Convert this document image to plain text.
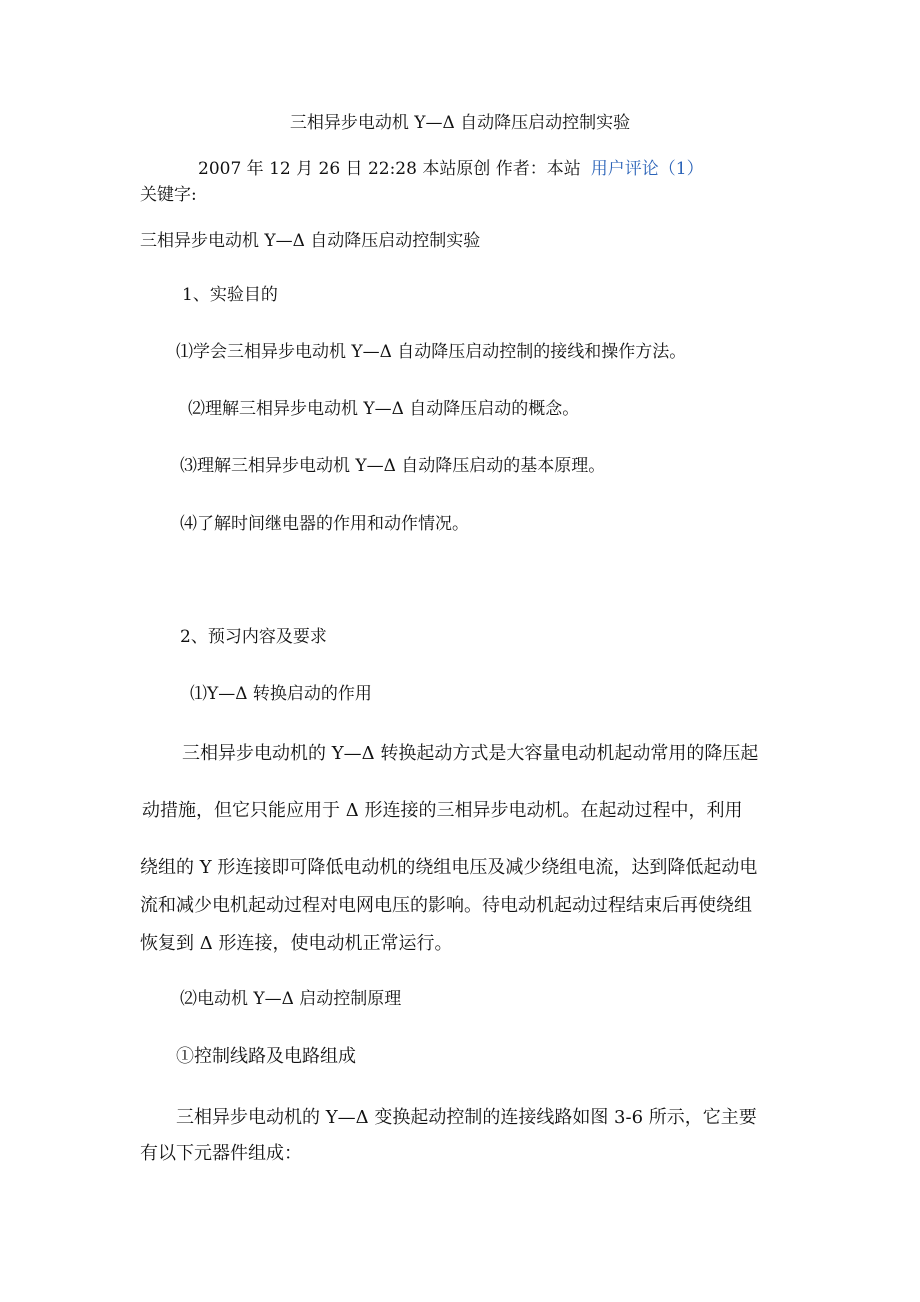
三相异步电动机 Y—Δ 自动降压启动控制实验
2007 年 12 月 26 日 22:28 本站原创 作者：本站 用户评论（1）
关键字:
三相异步电动机 Y—Δ 自动降压启动控制实验
1、实验目的
⑴学会三相异步电动机 Y—Δ 自动降压启动控制的接线和操作方法。
⑵理解三相异步电动机 Y—Δ 自动降压启动的概念。
⑶理解三相异步电动机 Y—Δ 自动降压启动的基本原理。
⑷了解时间继电器的作用和动作情况。
2、预习内容及要求
⑴Y—Δ 转换启动的作用
三相异步电动机的 Y—Δ 转换起动方式是大容量电动机起动常用的降压起
动措施，但它只能应用于 Δ 形连接的三相异步电动机。在起动过程中，利用
绕组的 Y 形连接即可降低电动机的绕组电压及减少绕组电流，达到降低起动电
流和减少电机起动过程对电网电压的影响。待电动机起动过程结束后再使绕组
恢复到 Δ 形连接，使电动机正常运行。
⑵电动机 Y—Δ 启动控制原理
①控制线路及电路组成
三相异步电动机的 Y—Δ 变换起动控制的连接线路如图 3-6 所示，它主要
有以下元器件组成：
